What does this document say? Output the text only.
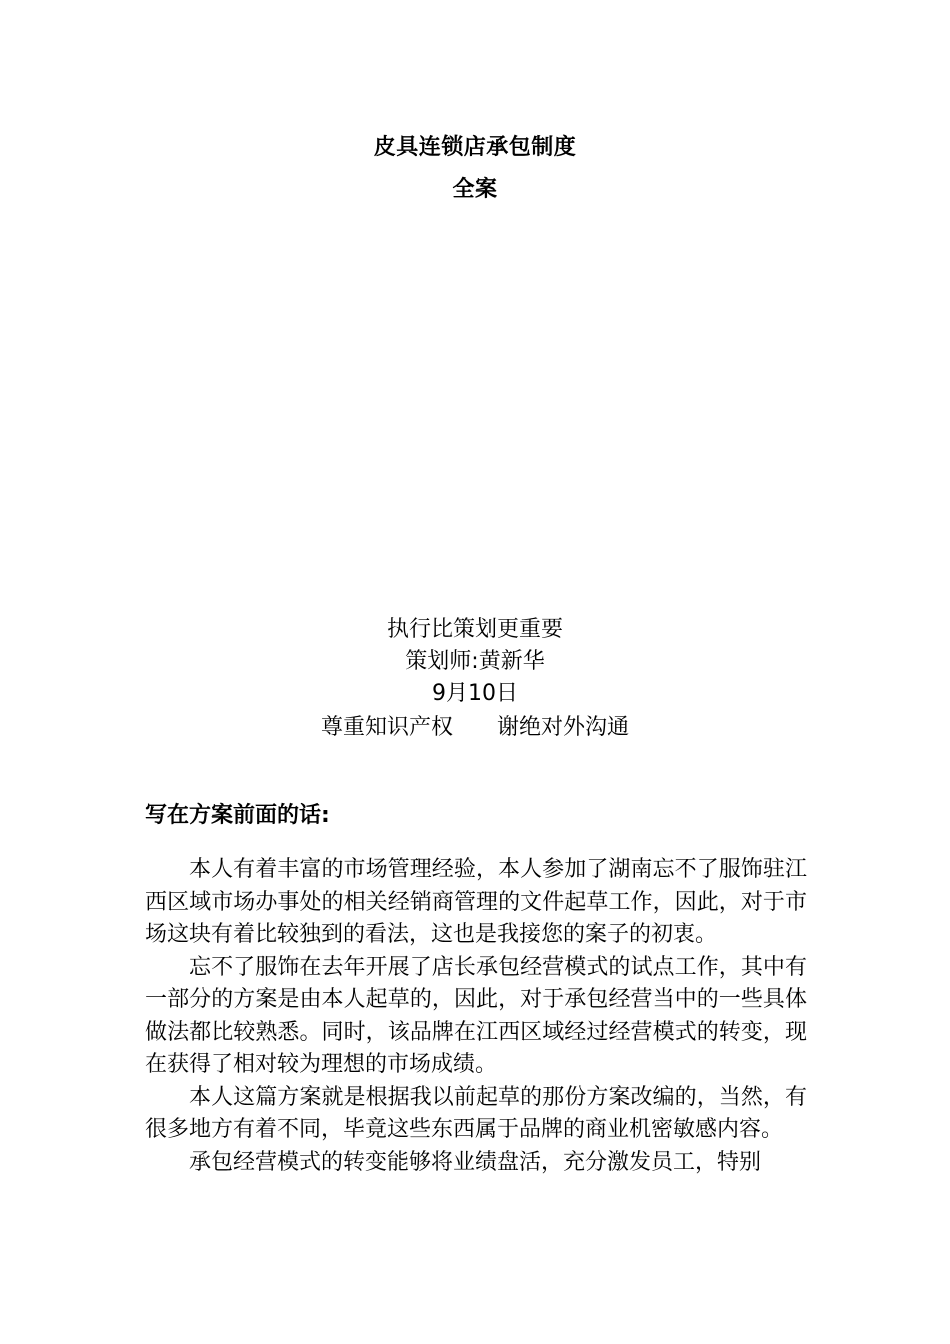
皮具连锁店承包制度
全案
执行比策划更重要
策划师:黄新华
9月10日
尊重知识产权 谢绝对外沟通
写在方案前面的话:

本人有着丰富的市场管理经验，本人参加了湖南忘不了服饰驻江西区域市场办事处的相关经销商管理的文件起草工作，因此，对于市场这块有着比较独到的看法，这也是我接您的案子的初衷。

忘不了服饰在去年开展了店长承包经营模式的试点工作，其中有一部分的方案是由本人起草的，因此，对于承包经营当中的一些具体做法都比较熟悉。同时，该品牌在江西区域经过经营模式的转变，现在获得了相对较为理想的市场成绩。

本人这篇方案就是根据我以前起草的那份方案改编的，当然，有很多地方有着不同，毕竟这些东西属于品牌的商业机密敏感内容。

承包经营模式的转变能够将业绩盘活，充分激发员工，特别
